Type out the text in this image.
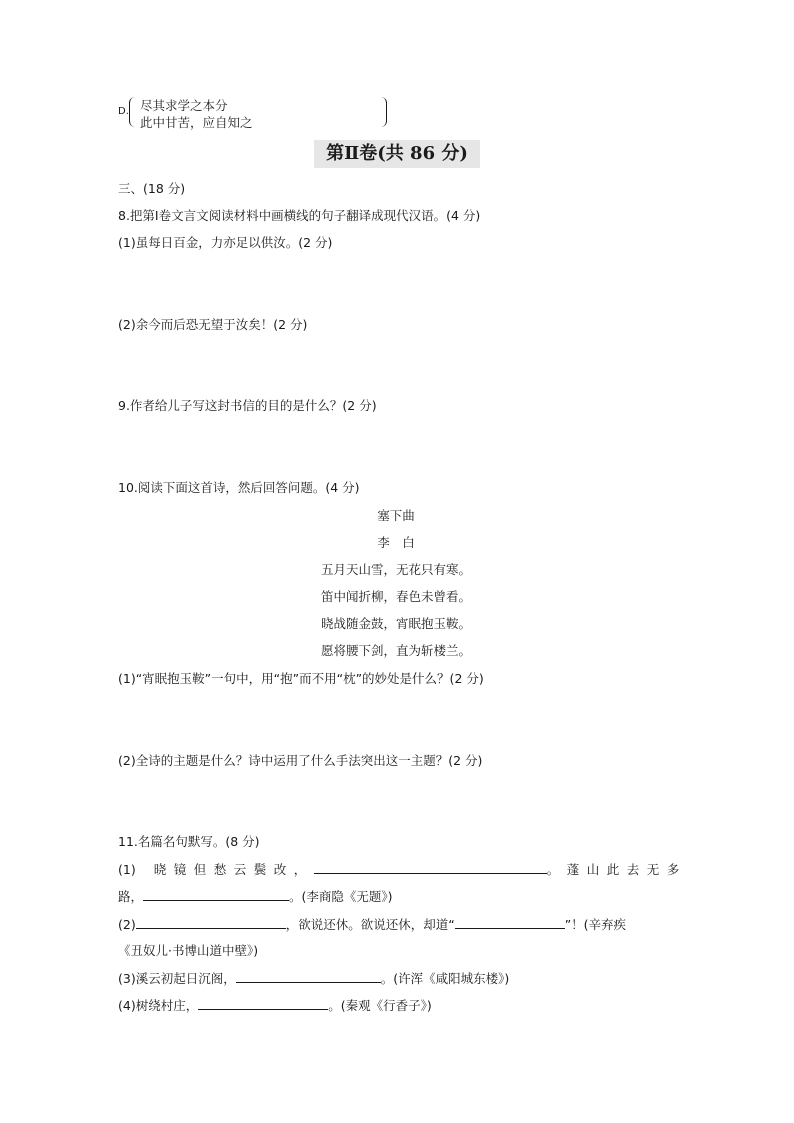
D. 尽其求学之本分
此中甘苦，应自知之
第Ⅱ卷(共 86 分)
三、(18 分)
8.把第Ⅰ卷文言文阅读材料中画横线的句子翻译成现代汉语。(4 分)
(1)虽每日百金，力亦足以供汝。(2 分)
(2)余今而后恐无望于汝矣！(2 分)
9.作者给儿子写这封书信的目的是什么？(2 分)
10.阅读下面这首诗，然后回答问题。(4 分)
塞下曲
李　白
五月天山雪，无花只有寒。
笛中闻折柳，春色未曾看。
晓战随金鼓，宵眠抱玉鞍。
愿将腰下剑，直为斩楼兰。
(1)“宵眠抱玉鞍”一句中，用“抱”而不用“枕”的妙处是什么？(2 分)
(2)全诗的主题是什么？诗中运用了什么手法突出这一主题？(2 分)
11.名篇名句默写。(8 分)
(1) 晓镜但愁云鬓改，	。蓬山此去无多
路，	。(李商隐《无题》)
(2)	，欲说还休。欲说还休，却道“	”！(辛弃疾
《丑奴儿·书博山道中壁》)
(3)溪云初起日沉阁，	。(许浑《咸阳城东楼》)
(4)树绕村庄，	。(秦观《行香子》)
